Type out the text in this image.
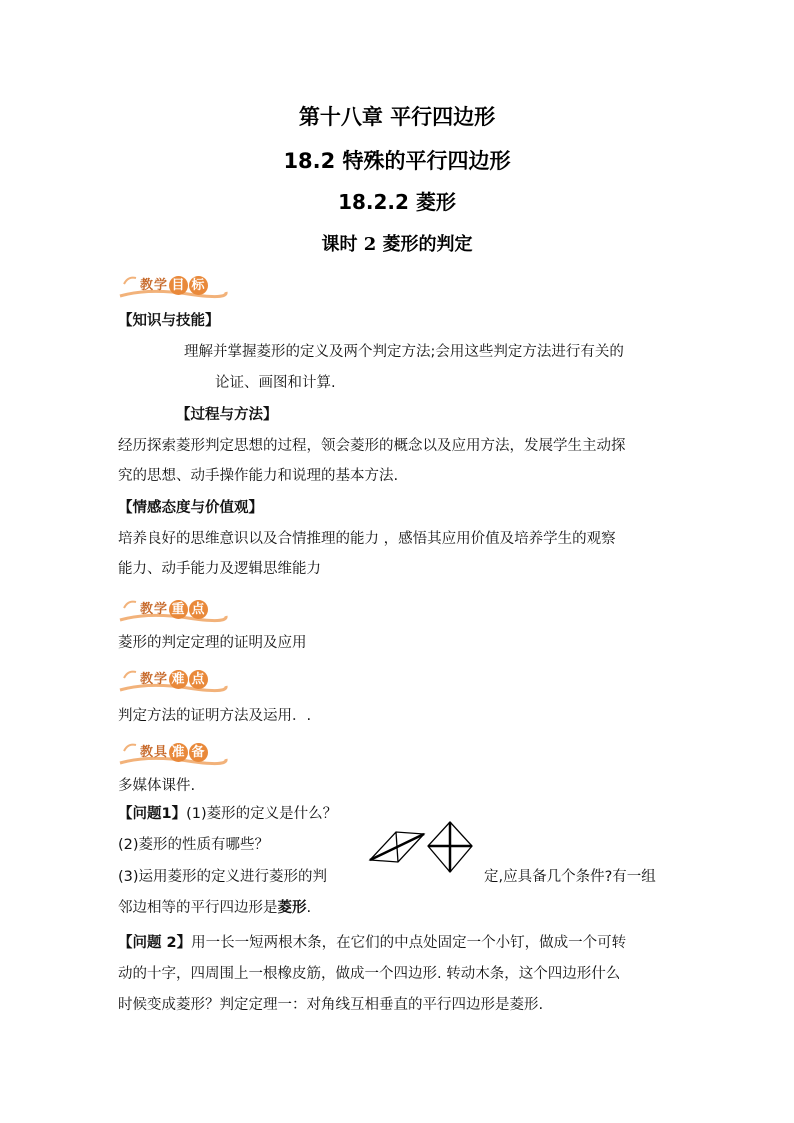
第十八章 平行四边形
18.2 特殊的平行四边形
18.2.2 菱形
课时 2 菱形的判定
教学 目 标
【知识与技能】
理解并掌握菱形的定义及两个判定方法;会用这些判定方法进行有关的
论证、画图和计算.
【过程与方法】
经历探索菱形判定思想的过程，领会菱形的概念以及应用方法，发展学生主动探
究的思想、动手操作能力和说理的基本方法.
【情感态度与价值观】
培养良好的思维意识以及合情推理的能力 ，感悟其应用价值及培养学生的观察
能力、动手能力及逻辑思维能力
教学 重 点
菱形的判定定理的证明及应用
教学 难 点
判定方法的证明方法及运用．.
教具 准 备
多媒体课件.
【问题1】(1)菱形的定义是什么？
(2)菱形的性质有哪些？
(3)运用菱形的定义进行菱形的判	定,应具备几个条件?有一组
邻边相等的平行四边形是菱形.
【问题 2】用一长一短两根木条，在它们的中点处固定一个小钉，做成一个可转
动的十字，四周围上一根橡皮筋，做成一个四边形. 转动木条，这个四边形什么
时候变成菱形？判定定理一：对角线互相垂直的平行四边形是菱形.
